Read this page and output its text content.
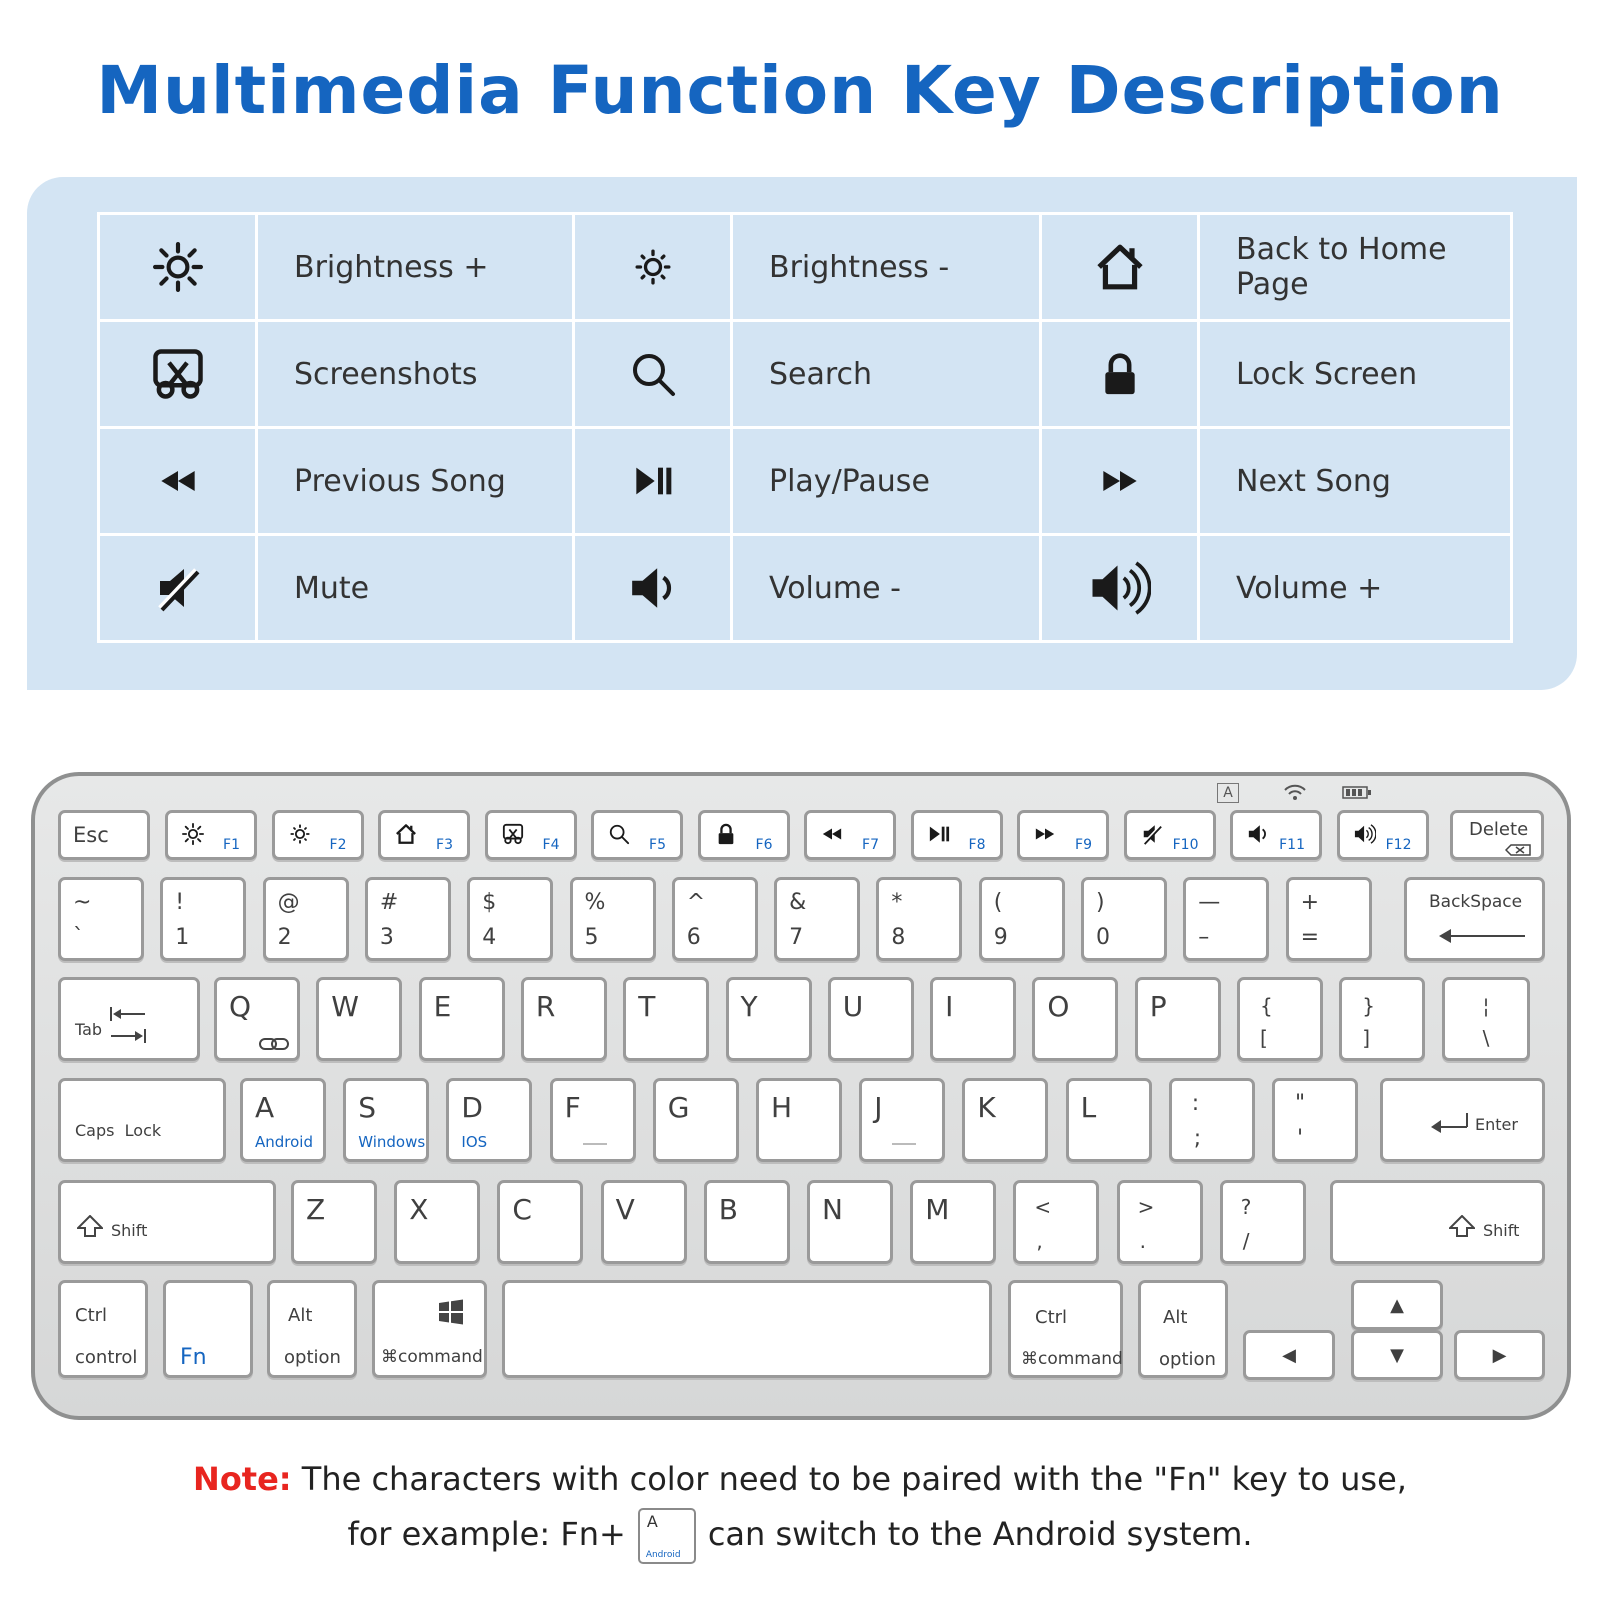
Multimedia Function Key Description
	Brightness +		Brightness -		Back to Home Page
	Screenshots		Search		Lock Screen
	Previous Song		Play/Pause		Next Song
	Mute		Volume -		Volume +
A
Esc	F1	F2	F3	F4	F5	F6	F7	F8	F9	F10	F11	F12
Delete
~
`
!
1
@
2
#
3
$
4
%
5
^
6
&
7
*
8
(
9
)
0
—
–
+
=
BackSpace
Tab
Q	W	E	R	T	Y	U	I	O	P	{
[
}
]
¦
\
Caps  Lock
A
Android
S
Windows
D
IOS
F	G	H	J	K	L	:
;
"
'
Enter
Shift
Z	X	C	V	B	N	M	<
,
>
.
?
/	Shift
Ctrl
control Fn
Alt
option ⌘command
Ctrl
⌘command
Alt
option
▲
◀	▼	▶
Note: The characters with color need to be paired with the "Fn" key to use,
for example: Fn+ A
Android
can switch to the Android system.
